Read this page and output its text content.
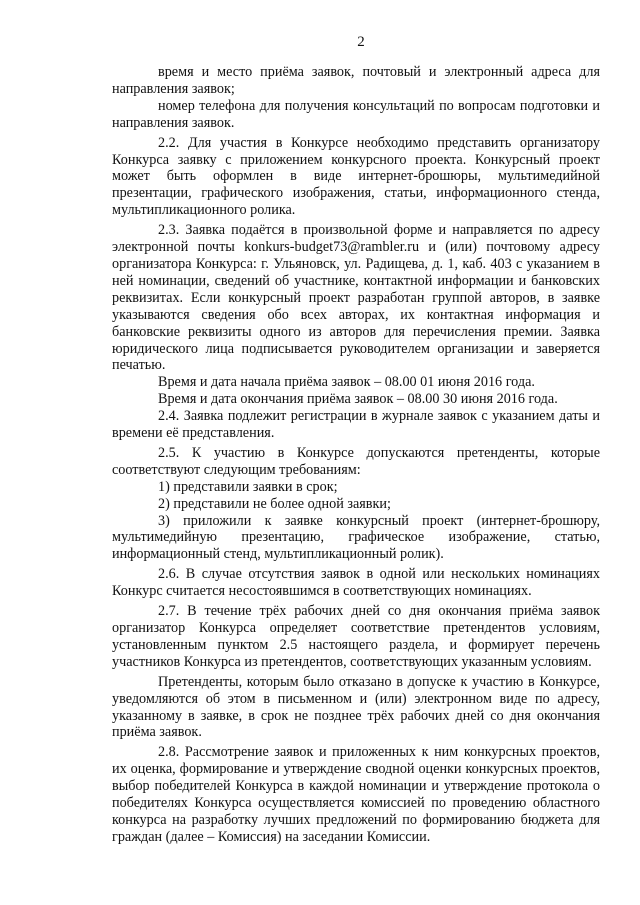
2

время и место приёма заявок, почтовый и электронный адреса для направления заявок;

номер телефона для получения консультаций по вопросам подготовки и направления заявок.

2.2. Для участия в Конкурсе необходимо представить организатору Конкурса заявку с приложением конкурсного проекта. Конкурсный проект может быть оформлен в виде интернет-брошюры, мультимедийной презентации, графического изображения, статьи, информационного стенда, мультипликационного ролика.

2.3. Заявка подаётся в произвольной форме и направляется по адресу электронной почты konkurs-budget73@rambler.ru и (или) почтовому адресу организатора Конкурса: г. Ульяновск, ул. Радищева, д. 1, каб. 403 с указанием в ней номинации, сведений об участнике, контактной информации и банковских реквизитах. Если конкурсный проект разработан группой авторов, в заявке указываются сведения обо всех авторах, их контактная информация и банковские реквизиты одного из авторов для перечисления премии. Заявка юридического лица подписывается руководителем организации и заверяется печатью.

Время и дата начала приёма заявок – 08.00 01 июня 2016 года.

Время и дата окончания приёма заявок – 08.00 30 июня 2016 года.

2.4. Заявка подлежит регистрации в журнале заявок с указанием даты и времени её представления.

2.5. К участию в Конкурсе допускаются претенденты, которые соответствуют следующим требованиям:

1) представили заявки в срок;

2) представили не более одной заявки;

3) приложили к заявке конкурсный проект (интернет-брошюру, мультимедийную презентацию, графическое изображение, статью, информационный стенд, мультипликационный ролик).

2.6. В случае отсутствия заявок в одной или нескольких номинациях Конкурс считается несостоявшимся в соответствующих номинациях.

2.7. В течение трёх рабочих дней со дня окончания приёма заявок организатор Конкурса определяет соответствие претендентов условиям, установленным пунктом 2.5 настоящего раздела, и формирует перечень участников Конкурса из претендентов, соответствующих указанным условиям.

Претенденты, которым было отказано в допуске к участию в Конкурсе, уведомляются об этом в письменном и (или) электронном виде по адресу, указанному в заявке, в срок не позднее трёх рабочих дней со дня окончания приёма заявок.

2.8. Рассмотрение заявок и приложенных к ним конкурсных проектов, их оценка, формирование и утверждение сводной оценки конкурсных проектов, выбор победителей Конкурса в каждой номинации и утверждение протокола о победителях Конкурса осуществляется комиссией по проведению областного конкурса на разработку лучших предложений по формированию бюджета для граждан (далее – Комиссия) на заседании Комиссии.
